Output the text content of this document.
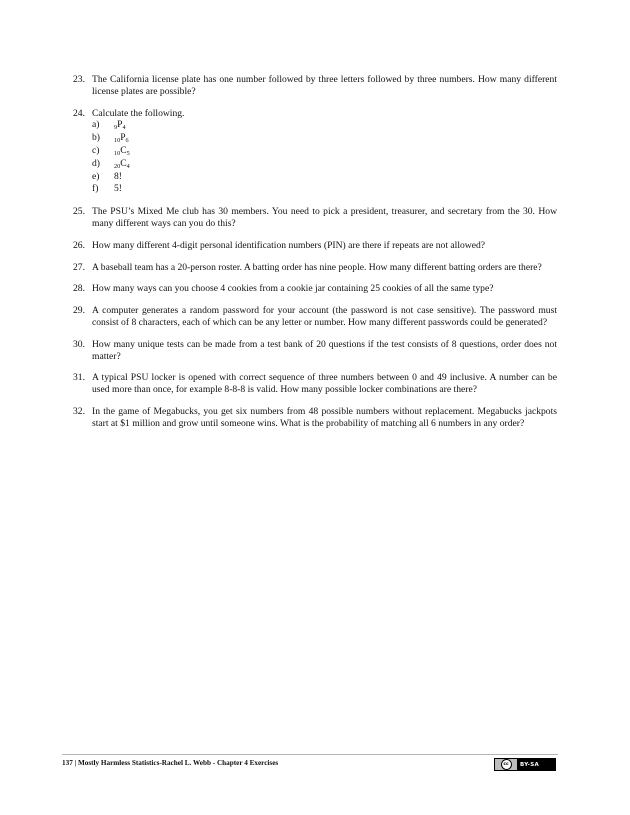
23. The California license plate has one number followed by three letters followed by three numbers. How many different license plates are possible?
24. Calculate the following.
a)	$_9P_4$
b)	$_{10}P_6$
c)	$_{10}C_5$
d)	$_{20}C_4$
e)	8!
f)	5!
25. The PSU’s Mixed Me club has 30 members. You need to pick a president, treasurer, and secretary from the 30. How many different ways can you do this?
26. How many different 4-digit personal identification numbers (PIN) are there if repeats are not allowed?
27. A baseball team has a 20-person roster. A batting order has nine people. How many different batting orders are there?
28. How many ways can you choose 4 cookies from a cookie jar containing 25 cookies of all the same type?
29. A computer generates a random password for your account (the password is not case sensitive). The password must consist of 8 characters, each of which can be any letter or number. How many different passwords could be generated?
30. How many unique tests can be made from a test bank of 20 questions if the test consists of 8 questions, order does not matter?
31. A typical PSU locker is opened with correct sequence of three numbers between 0 and 49 inclusive. A number can be used more than once, for example 8-8-8 is valid. How many possible locker combinations are there?
32. In the game of Megabucks, you get six numbers from 48 possible numbers without replacement. Megabucks jackpots start at $1 million and grow until someone wins. What is the probability of matching all 6 numbers in any order?
137 | Mostly Harmless Statistics-Rachel L. Webb - Chapter 4 Exercises	cc	BY-SA
